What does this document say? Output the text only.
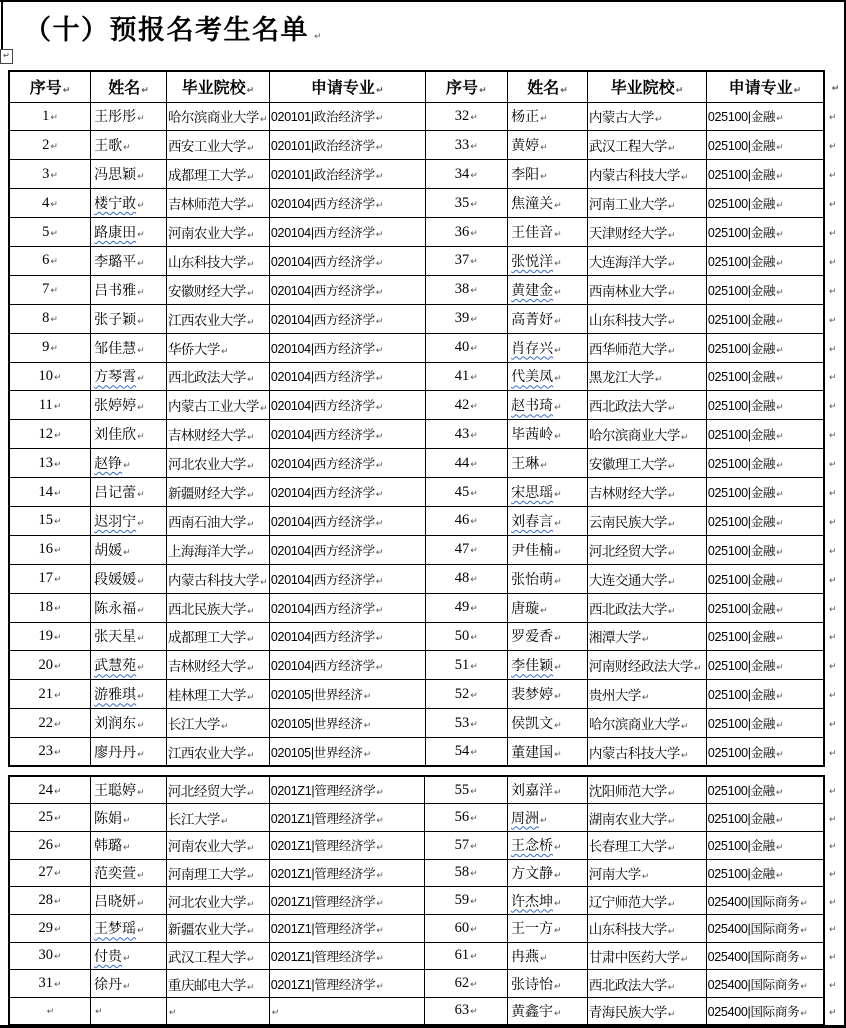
（十）预报名考生名单 ↵
↵
序号↵	姓名↵	毕业院校↵	申请专业↵	序号↵	姓名↵	毕业院校↵	申请专业↵	↵
1↵	王彤彤↵	哈尔滨商业大学↵	020101|政治经济学↵	32↵	杨正↵	内蒙古大学↵	025100|金融↵	↵
2↵	王歌↵	西安工业大学↵	020101|政治经济学↵	33↵	黄婷↵	武汉工程大学↵	025100|金融↵	↵
3↵	冯思颖↵	成都理工大学↵	020101|政治经济学↵	34↵	李阳↵	内蒙古科技大学↵	025100|金融↵	↵
4↵	楼宁敢↵	吉林师范大学↵	020104|西方经济学↵	35↵	焦潼关↵	河南工业大学↵	025100|金融↵	↵
5↵	路康田↵	河南农业大学↵	020104|西方经济学↵	36↵	王佳音↵	天津财经大学↵	025100|金融↵	↵
6↵	李璐平↵	山东科技大学↵	020104|西方经济学↵	37↵	张悦洋↵	大连海洋大学↵	025100|金融↵	↵
7↵	吕书雅↵	安徽财经大学↵	020104|西方经济学↵	38↵	黄建金↵	西南林业大学↵	025100|金融↵	↵
8↵	张子颖↵	江西农业大学↵	020104|西方经济学↵	39↵	高菁妤↵	山东科技大学↵	025100|金融↵	↵
9↵	邹佳慧↵	华侨大学↵	020104|西方经济学↵	40↵	肖存兴↵	西华师范大学↵	025100|金融↵	↵
10↵	方琴霄↵	西北政法大学↵	020104|西方经济学↵	41↵	代美凤↵	黑龙江大学↵	025100|金融↵	↵
11↵	张婷婷↵	内蒙古工业大学↵	020104|西方经济学↵	42↵	赵书琦↵	西北政法大学↵	025100|金融↵	↵
12↵	刘佳欣↵	吉林财经大学↵	020104|西方经济学↵	43↵	毕茜岭↵	哈尔滨商业大学↵	025100|金融↵	↵
13↵	赵铮↵	河北农业大学↵	020104|西方经济学↵	44↵	王琳↵	安徽理工大学↵	025100|金融↵	↵
14↵	吕记蕾↵	新疆财经大学↵	020104|西方经济学↵	45↵	宋思瑶↵	吉林财经大学↵	025100|金融↵	↵
15↵	迟羽宁↵	西南石油大学↵	020104|西方经济学↵	46↵	刘春言↵	云南民族大学↵	025100|金融↵	↵
16↵	胡媛↵	上海海洋大学↵	020104|西方经济学↵	47↵	尹佳楠↵	河北经贸大学↵	025100|金融↵	↵
17↵	段媛媛↵	内蒙古科技大学↵	020104|西方经济学↵	48↵	张怡萌↵	大连交通大学↵	025100|金融↵	↵
18↵	陈永福↵	西北民族大学↵	020104|西方经济学↵	49↵	唐璇↵	西北政法大学↵	025100|金融↵	↵
19↵	张天星↵	成都理工大学↵	020104|西方经济学↵	50↵	罗爱香↵	湘潭大学↵	025100|金融↵	↵
20↵	武慧苑↵	吉林财经大学↵	020104|西方经济学↵	51↵	李佳颖↵	河南财经政法大学↵	025100|金融↵	↵
21↵	游雅琪↵	桂林理工大学↵	020105|世界经济↵	52↵	裴梦婷↵	贵州大学↵	025100|金融↵	↵
22↵	刘润东↵	长江大学↵	020105|世界经济↵	53↵	侯凯文↵	哈尔滨商业大学↵	025100|金融↵	↵
23↵	廖丹丹↵	江西农业大学↵	020105|世界经济↵	54↵	董建国↵	内蒙古科技大学↵	025100|金融↵	↵
24↵	王聪婷↵	河北经贸大学↵	0201Z1|管理经济学↵	55↵	刘嘉洋↵	沈阳师范大学↵	025100|金融↵	↵
25↵	陈娟↵	长江大学↵	0201Z1|管理经济学↵	56↵	周洲↵	湖南农业大学↵	025100|金融↵	↵
26↵	韩璐↵	河南农业大学↵	0201Z1|管理经济学↵	57↵	王念桥↵	长春理工大学↵	025100|金融↵	↵
27↵	范奕萱↵	河南理工大学↵	0201Z1|管理经济学↵	58↵	方文静↵	河南大学↵	025100|金融↵	↵
28↵	吕晓妍↵	河北农业大学↵	0201Z1|管理经济学↵	59↵	许杰坤↵	辽宁师范大学↵	025400|国际商务↵	↵
29↵	王梦瑶↵	新疆农业大学↵	0201Z1|管理经济学↵	60↵	王一方↵	山东科技大学↵	025400|国际商务↵	↵
30↵	付贵↵	武汉工程大学↵	0201Z1|管理经济学↵	61↵	冉燕↵	甘肃中医药大学↵	025400|国际商务↵	↵
31↵	徐丹↵	重庆邮电大学↵	0201Z1|管理经济学↵	62↵	张诗怡↵	西北政法大学↵	025400|国际商务↵	↵
↵	↵	↵	↵	63↵	黄鑫宇↵	青海民族大学↵	025400|国际商务↵	↵
